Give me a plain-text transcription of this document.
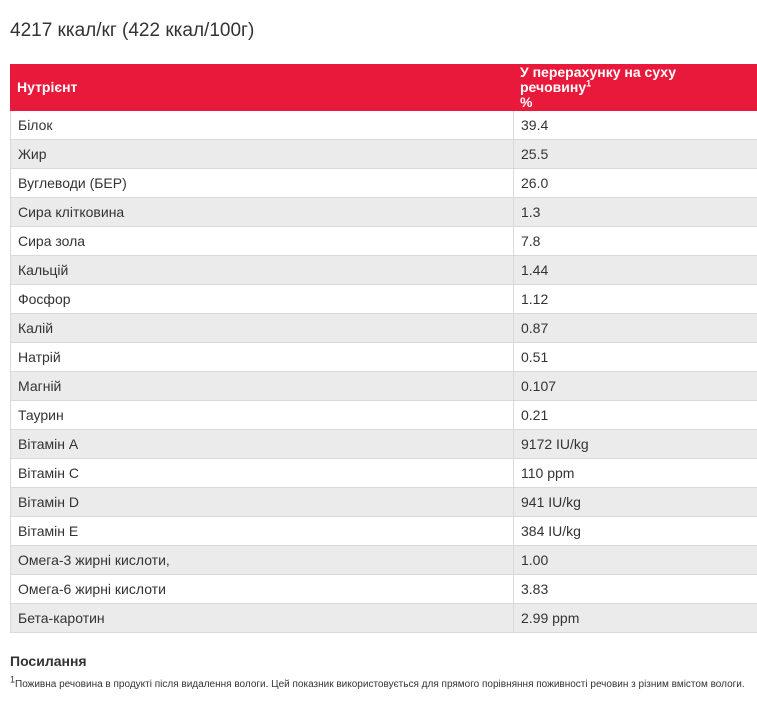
4217 ккал/кг (422 ккал/100г)
Нутрієнт	У перерахунку на суху речовину$^1$
%
Білок	39.4
Жир	25.5
Вуглеводи (БЕР)	26.0
Сира клітковина	1.3
Сира зола	7.8
Кальцій	1.44
Фосфор	1.12
Калій	0.87
Натрій	0.51
Магній	0.107
Таурин	0.21
Вітамін A	9172 IU/kg
Вітамін C	110 ppm
Вітамін D	941 IU/kg
Вітамін E	384 IU/kg
Омега-3 жирні кислоти,	1.00
Омега-6 жирні кислоти	3.83
Бета-каротин	2.99 ppm
Посилання

$^1$Поживна речовина в продукті після видалення вологи. Цей показник використовується для прямого порівняння поживності речовин з різним вмістом вологи.
